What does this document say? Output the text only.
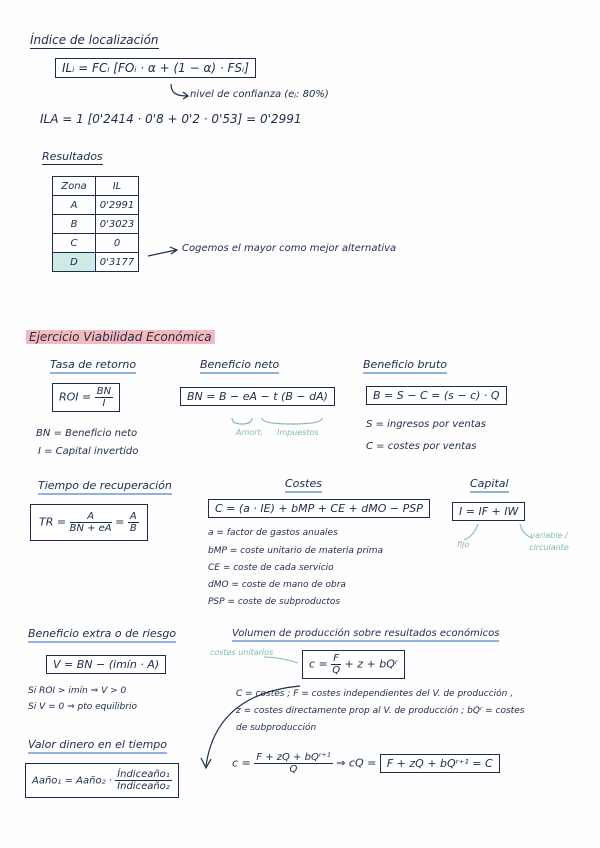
Índice de localización
ILᵢ = FCᵢ [FOᵢ · α + (1 − α) · FSᵢ]
nivel de confianza (eⱼ: 80%)
ILA = 1 [0'2414 · 0'8 + 0'2 · 0'53] = 0'2991
Resultados
Zona	IL
A	0'2991
B	0'3023
C	0
D	0'3177
Cogemos el mayor como mejor alternativa
Ejercicio Viabilidad Económica
Tasa de retorno
ROI = $\frac{BN}{I}$
BN = Beneficio neto
I = Capital invertido
Beneficio neto
BN = B − eA − t (B − dA)
Amort. Impuestos
Beneficio bruto
B = S − C = (s − c) · Q
S = ingresos por ventas
C = costes por ventas
Tiempo de recuperación
TR = $\frac{A}{BN + eA} = \frac{A}{B}$
Costes
C = (a · IE) + bMP + CE + dMO − PSP
a = factor de gastos anuales
bMP = coste unitario de materia prima
CE = coste de cada servicio
dMO = coste de mano de obra
PSP = coste de subproductos
Capital
I = IF + IW
fijo
variable / circulante
Beneficio extra o de riesgo
V = BN − (imín · A)
Si ROI > imín ⇒ V > 0
Si V = 0 ⇒ pto equilibrio
Volumen de producción sobre resultados económicos
costes unitarios
$c = \frac{F}{Q} + z$ + bQʳ
C = costes ; F = costes independientes del V. de producción ,
z = costes directamente prop al V. de producción ; bQʳ = costes
de subproducción
$c = \frac{\text{F + zQ + bQʳ⁺¹}}{Q}$ ⇒ cQ = F + zQ + bQʳ⁺¹ = C
Valor dinero en el tiempo
Aaño₁ = Aaño₂ · $\frac{\text{Índiceaño₁}}{\text{Índiceaño₂}}$
